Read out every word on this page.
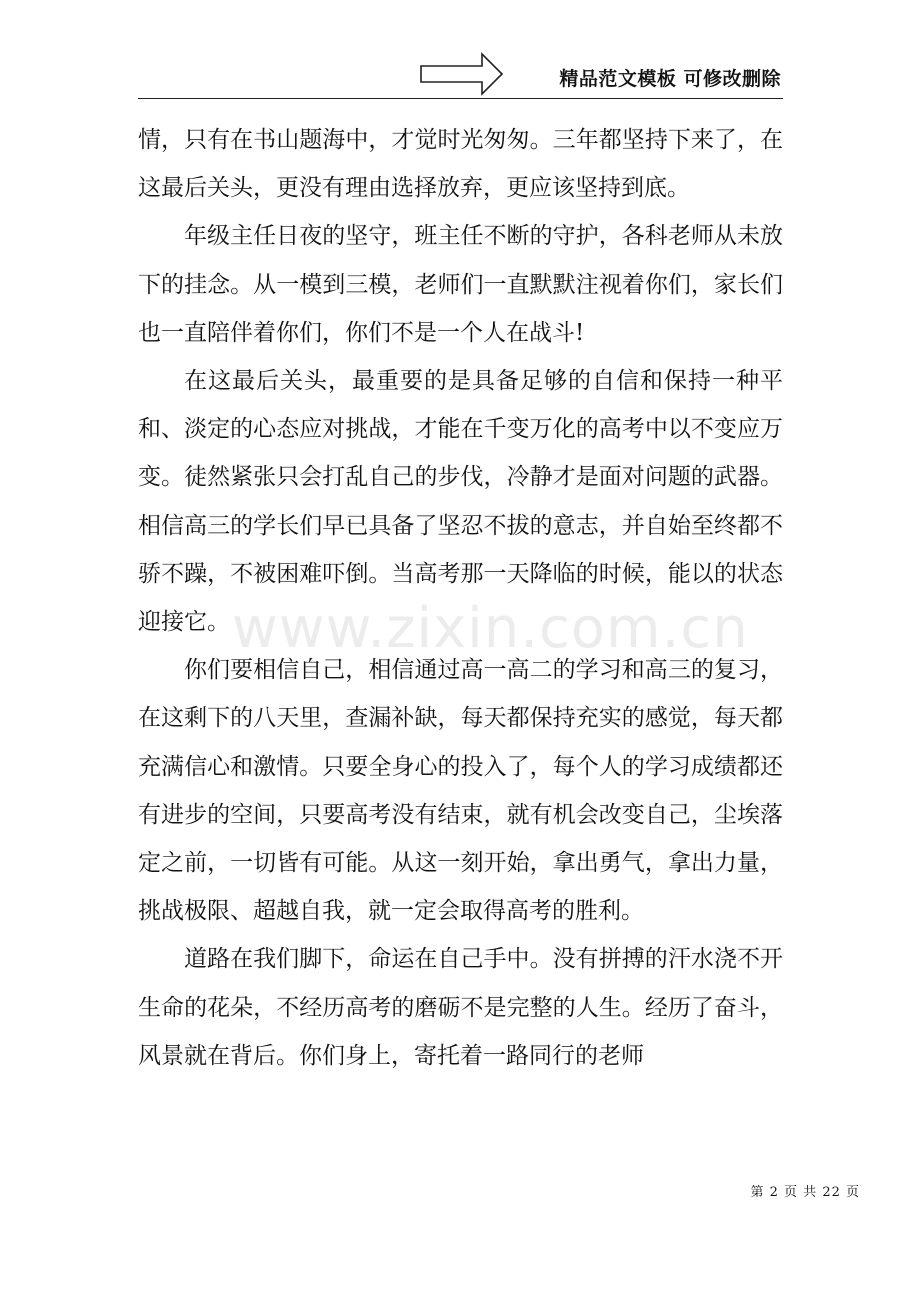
精品范文模板 可修改删除
www.zixin.com.cn

情，只有在书山题海中，才觉时光匆匆。三年都坚持下来了，在这最后关头，更没有理由选择放弃，更应该坚持到底。

年级主任日夜的坚守，班主任不断的守护，各科老师从未放下的挂念。从一模到三模，老师们一直默默注视着你们，家长们也一直陪伴着你们，你们不是一个人在战斗!

在这最后关头，最重要的是具备足够的自信和保持一种平和、淡定的心态应对挑战，才能在千变万化的高考中以不变应万变。徒然紧张只会打乱自己的步伐，冷静才是面对问题的武器。相信高三的学长们早已具备了坚忍不拔的意志，并自始至终都不骄不躁，不被困难吓倒。当高考那一天降临的时候，能以的状态迎接它。

你们要相信自己，相信通过高一高二的学习和高三的复习，在这剩下的八天里，查漏补缺，每天都保持充实的感觉，每天都充满信心和激情。只要全身心的投入了，每个人的学习成绩都还有进步的空间，只要高考没有结束，就有机会改变自己，尘埃落定之前，一切皆有可能。从这一刻开始，拿出勇气，拿出力量，挑战极限、超越自我，就一定会取得高考的胜利。

道路在我们脚下，命运在自己手中。没有拼搏的汗水浇不开生命的花朵，不经历高考的磨砺不是完整的人生。经历了奋斗，风景就在背后。你们身上，寄托着一路同行的老师

第 2 页 共 22 页
